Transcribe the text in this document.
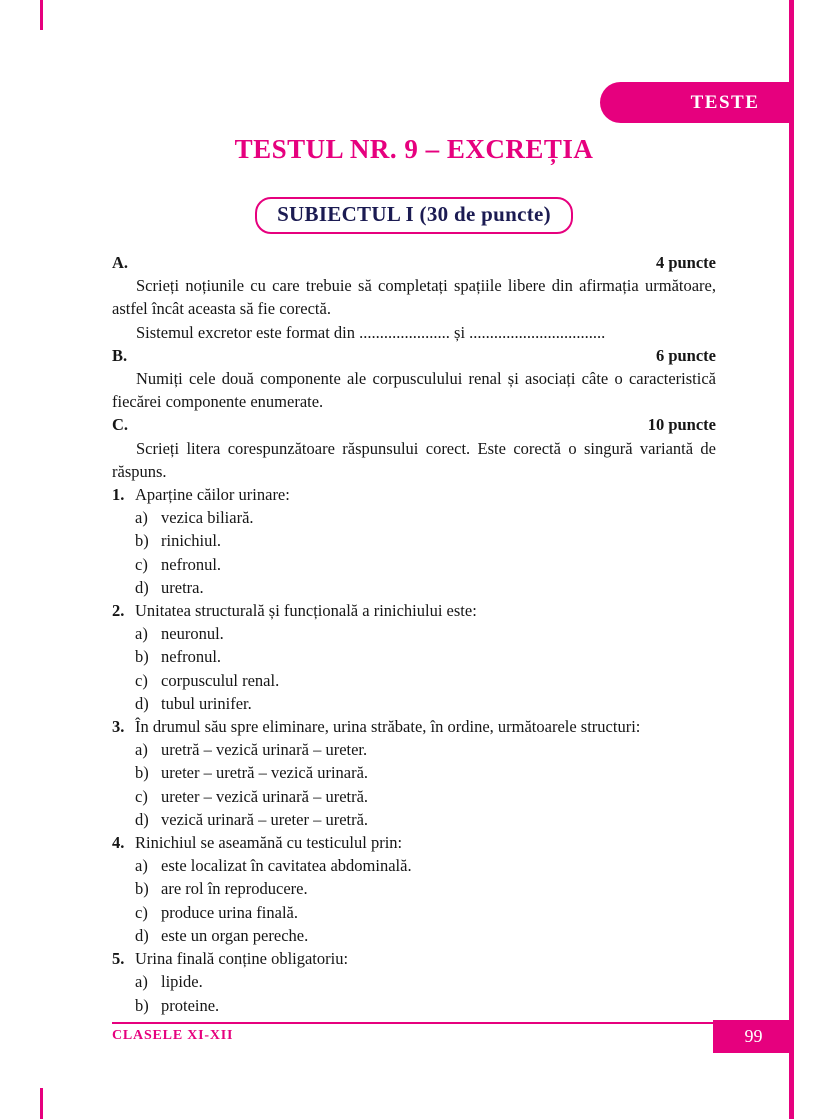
TESTE
TESTUL NR. 9 – EXCREȚIA
SUBIECTUL I (30 de puncte)
A.	4 puncte

Scrieți noțiunile cu care trebuie să completați spațiile libere din afirmația următoare, astfel încât aceasta să fie corectă.

Sistemul excretor este format din ...................... și .................................

B.	6 puncte

Numiți cele două componente ale corpusculului renal și asociați câte o caracteristică fiecărei componente enumerate.

C.	10 puncte

Scrieți litera corespunzătoare răspunsului corect. Este corectă o singură variantă de răspuns.

1. Aparține căilor urinare:
a) vezica biliară.
b) rinichiul.
c) nefronul.
d) uretra.
2. Unitatea structurală și funcțională a rinichiului este:
a) neuronul.
b) nefronul.
c) corpusculul renal.
d) tubul urinifer.
3. În drumul său spre eliminare, urina străbate, în ordine, următoarele structuri:
a) uretră – vezică urinară – ureter.
b) ureter – uretră – vezică urinară.
c) ureter – vezică urinară – uretră.
d) vezică urinară – ureter – uretră.
4. Rinichiul se aseamănă cu testiculul prin:
a) este localizat în cavitatea abdominală.
b) are rol în reproducere.
c) produce urina finală.
d) este un organ pereche.
5. Urina finală conține obligatoriu:
a) lipide.
b) proteine.
CLASELE XI-XII	99
